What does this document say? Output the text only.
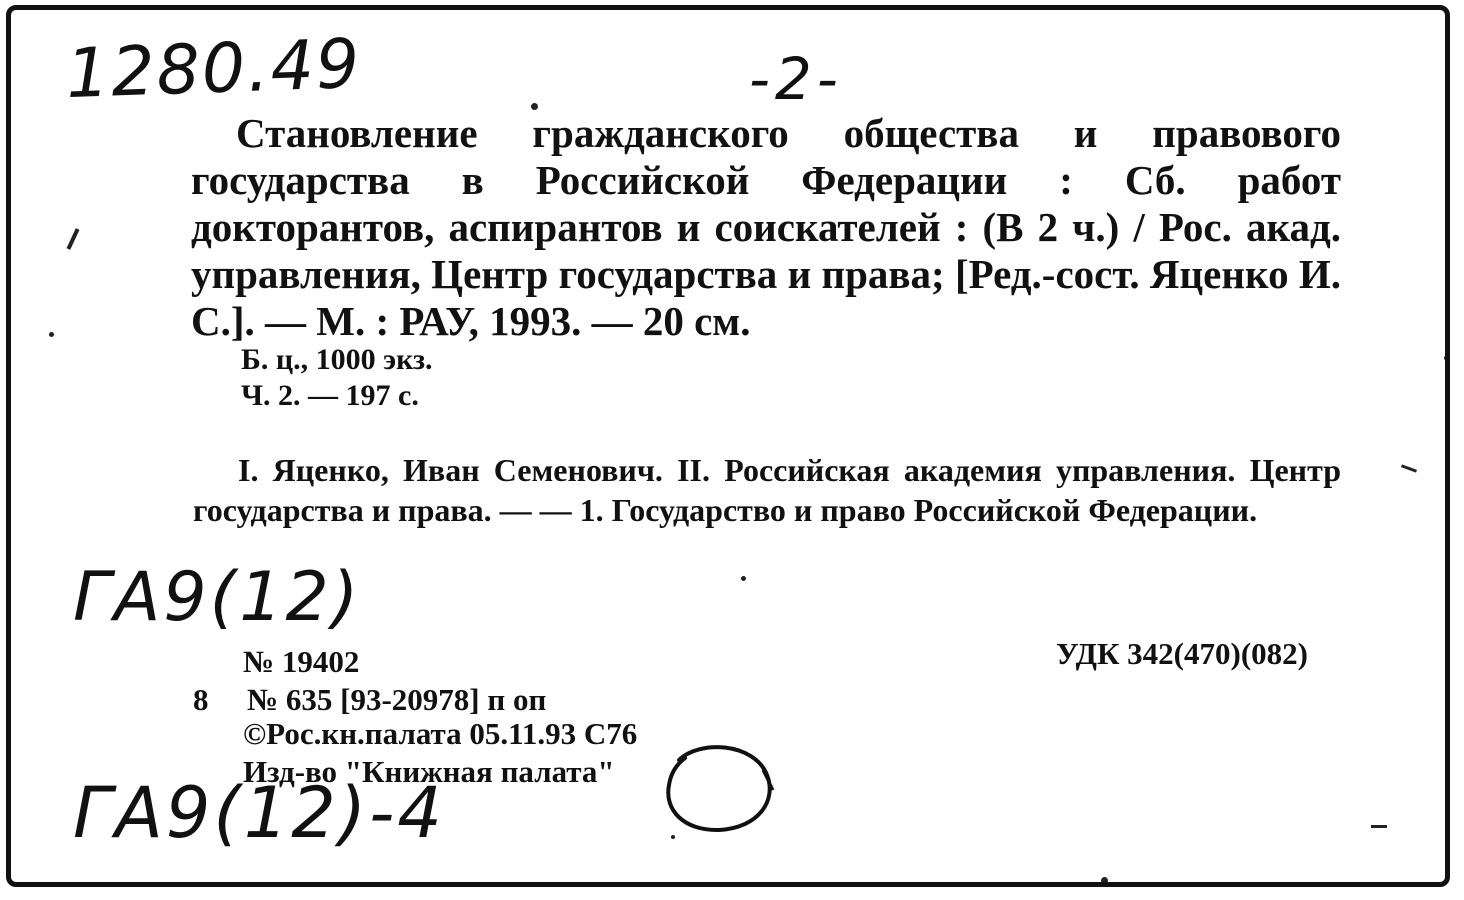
1280.49	-2-

Становление гражданского общества и правового государства в Российской Федерации : Сб. работ докторантов, аспирантов и соискателей : (В 2 ч.) / Рос. акад. управления, Центр государства и права; [Ред.-сост. Яценко И. С.]. — М. : РАУ, 1993. — 20 см.

Б. ц., 1000 экз.

Ч. 2. — 197 с.

I. Яценко, Иван Семенович. II. Российская академия управления. Центр государства и права. — — 1. Государство и право Российской Федерации.

ГА9(12)

№ 19402	УДК 342(470)(082)

8 № 635 [93-20978] п оп

©Рос.кн.палата 05.11.93 С76

Изд-во "Книжная палата"

ГА9(12)-4
